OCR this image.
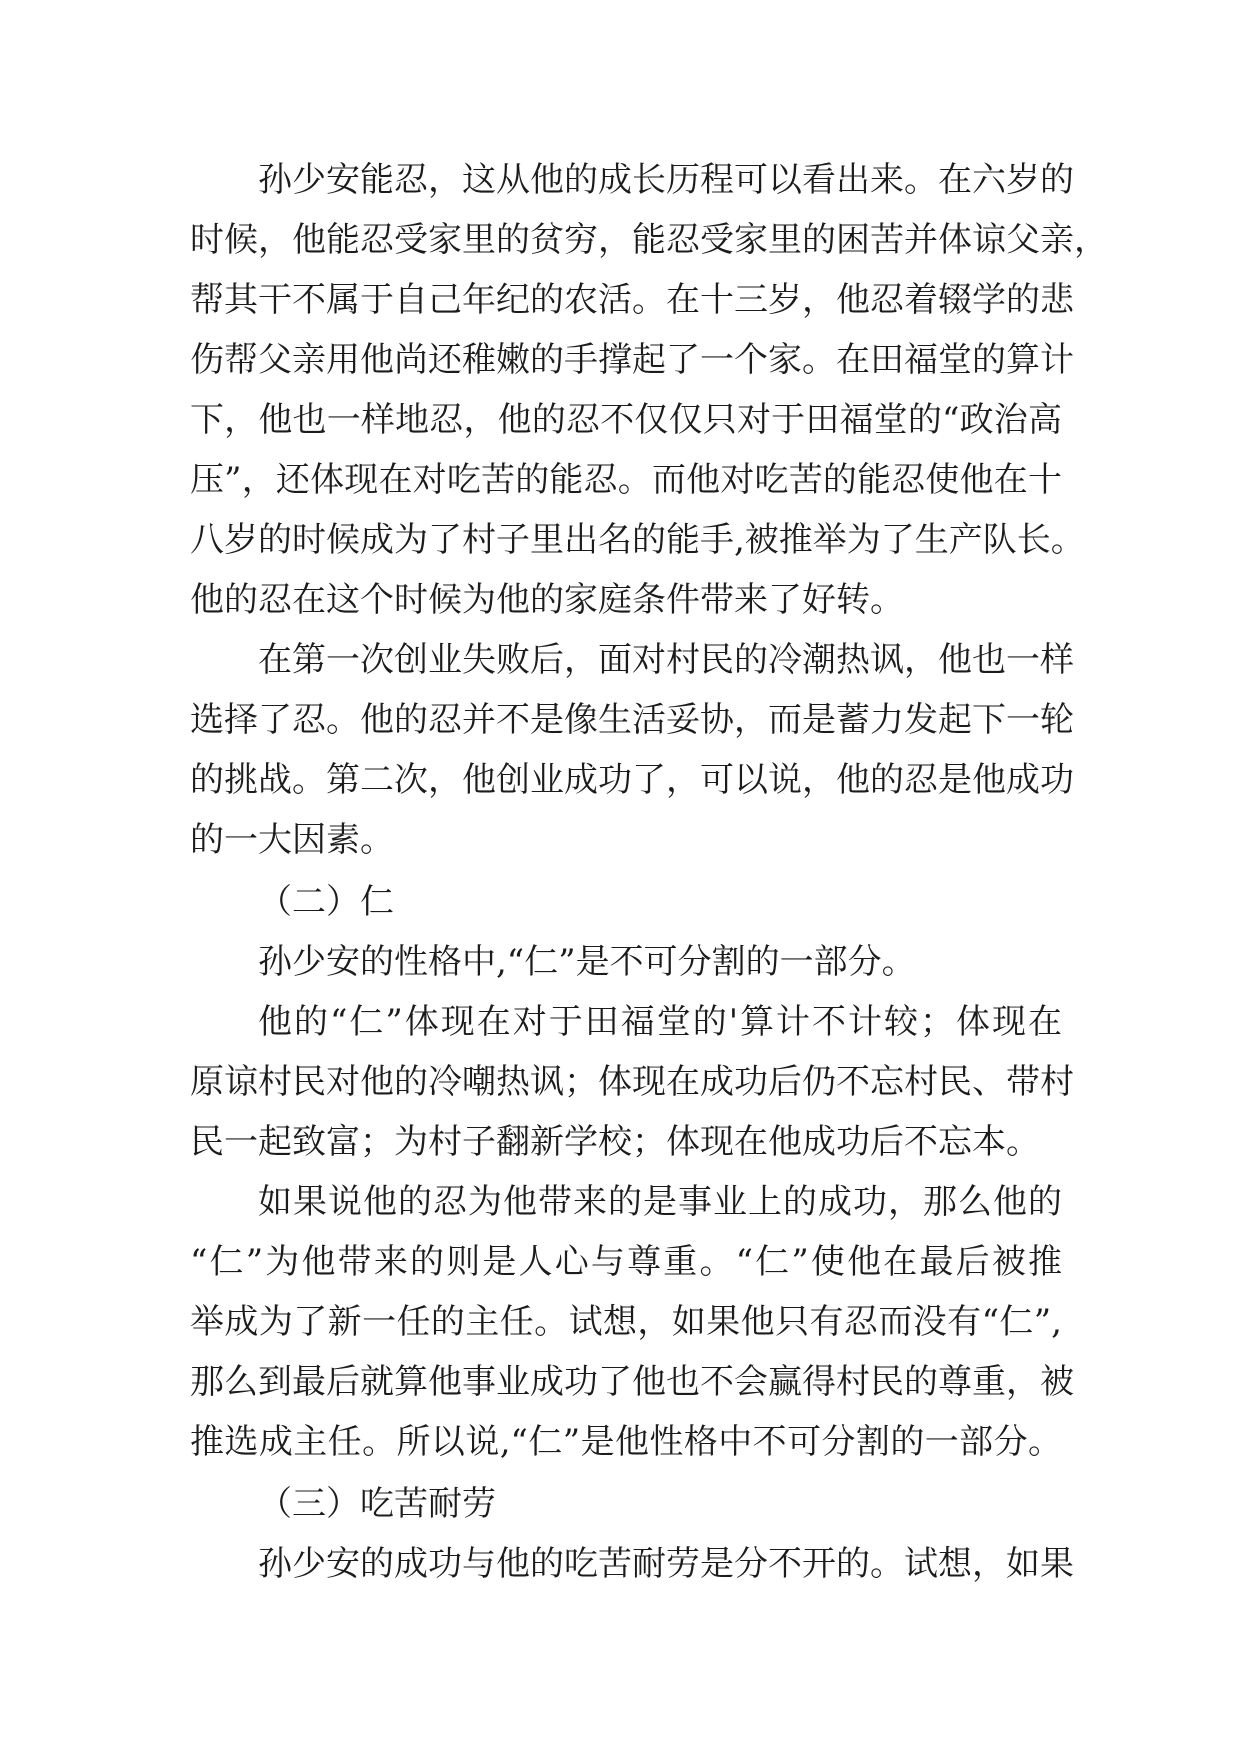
孙少安能忍，这从他的成长历程可以看出来。在六岁的

时候，他能忍受家里的贫穷，能忍受家里的困苦并体谅父亲，

帮其干不属于自己年纪的农活。在十三岁，他忍着辍学的悲

伤帮父亲用他尚还稚嫩的手撑起了一个家。在田福堂的算计

下，他也一样地忍，他的忍不仅仅只对于田福堂的“政治高

压”，还体现在对吃苦的能忍。而他对吃苦的能忍使他在十

八岁的时候成为了村子里出名的能手,被推举为了生产队长。

他的忍在这个时候为他的家庭条件带来了好转。

在第一次创业失败后，面对村民的冷潮热讽，他也一样

选择了忍。他的忍并不是像生活妥协，而是蓄力发起下一轮

的挑战。第二次，他创业成功了，可以说，他的忍是他成功

的一大因素。

（二）仁

孙少安的性格中,“仁”是不可分割的一部分。

他的“仁”体现在对于田福堂的'算计不计较；体现在

原谅村民对他的冷嘲热讽；体现在成功后仍不忘村民、带村

民一起致富；为村子翻新学校；体现在他成功后不忘本。

如果说他的忍为他带来的是事业上的成功，那么他的

“仁”为他带来的则是人心与尊重。“仁”使他在最后被推

举成为了新一任的主任。试想，如果他只有忍而没有“仁”,

那么到最后就算他事业成功了他也不会赢得村民的尊重，被

推选成主任。所以说,“仁”是他性格中不可分割的一部分。

（三）吃苦耐劳

孙少安的成功与他的吃苦耐劳是分不开的。试想，如果
